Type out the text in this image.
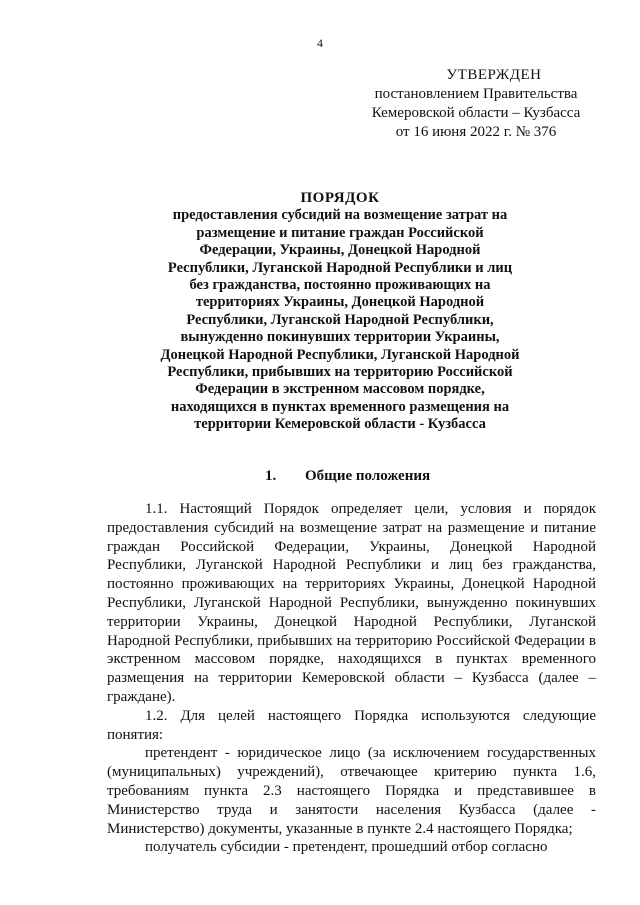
4
УТВЕРЖДЕН
постановлением Правительства
Кемеровской области – Кузбасса
от 16 июня 2022 г. № 376
ПОРЯДОК
предоставления субсидий на возмещение затрат на
размещение и питание граждан Российской
Федерации, Украины, Донецкой Народной
Республики, Луганской Народной Республики и лиц
без гражданства, постоянно проживающих на
территориях Украины, Донецкой Народной
Республики, Луганской Народной Республики,
вынужденно покинувших территории Украины,
Донецкой Народной Республики, Луганской Народной
Республики, прибывших на территорию Российской
Федерации в экстренном массовом порядке,
находящихся в пунктах временного размещения на
территории Кемеровской области - Кузбасса
1. Общие положения

1.1. Настоящий Порядок определяет цели, условия и порядок предоставления субсидий на возмещение затрат на размещение и питание граждан Российской Федерации, Украины, Донецкой Народной Республики, Луганской Народной Республики и лиц без гражданства, постоянно проживающих на территориях Украины, Донецкой Народной Республики, Луганской Народной Республики, вынужденно покинувших территории Украины, Донецкой Народной Республики, Луганской Народной Республики, прибывших на территорию Российской Федерации в экстренном массовом порядке, находящихся в пунктах временного размещения на территории Кемеровской области – Кузбасса (далее – граждане).

1.2. Для целей настоящего Порядка используются следующие понятия:

претендент - юридическое лицо (за исключением государственных (муниципальных) учреждений), отвечающее критерию пункта 1.6, требованиям пункта 2.3 настоящего Порядка и представившее в Министерство труда и занятости населения Кузбасса (далее - Министерство) документы, указанные в пункте 2.4 настоящего Порядка;

получатель субсидии - претендент, прошедший отбор согласно
